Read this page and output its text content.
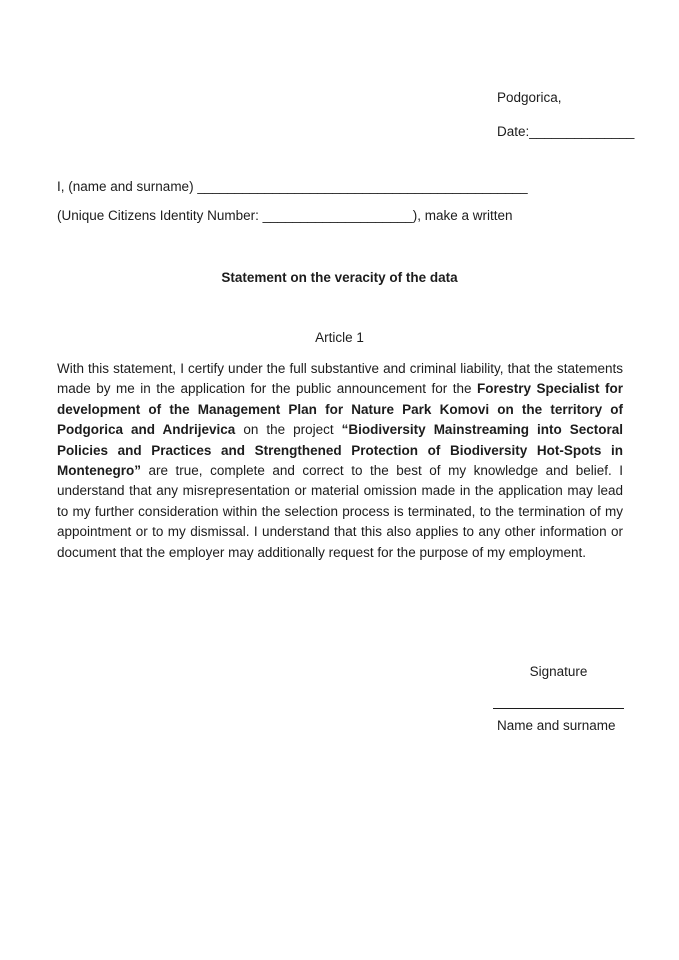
Podgorica,
Date:______________
I, (name and surname) ____________________________________________
(Unique Citizens Identity Number: ____________________), make a written
Statement on the veracity of the data
Article 1
With this statement, I certify under the full substantive and criminal liability, that the statements made by me in the application for the public announcement for the Forestry Specialist for development of the Management Plan for Nature Park Komovi on the territory of Podgorica and Andrijevica on the project “Biodiversity Mainstreaming into Sectoral Policies and Practices and Strengthened Protection of Biodiversity Hot-Spots in Montenegro” are true, complete and correct to the best of my knowledge and belief. I understand that any misrepresentation or material omission made in the application may lead to my further consideration within the selection process is terminated, to the termination of my appointment or to my dismissal. I understand that this also applies to any other information or document that the employer may additionally request for the purpose of my employment.
Signature
Name and surname
